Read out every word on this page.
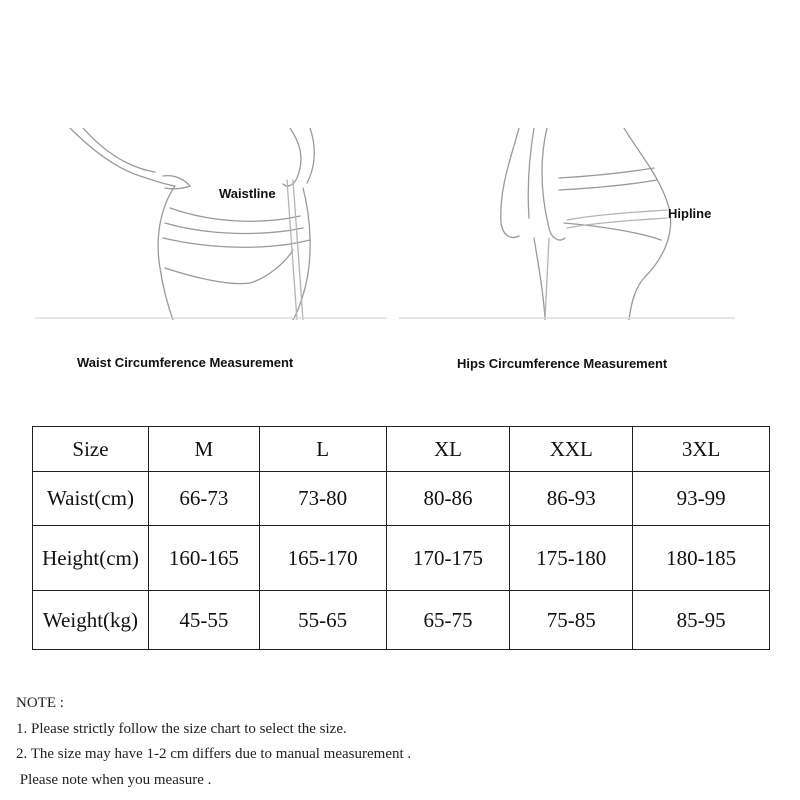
Waistline
Hipline
Waist Circumference Measurement	Hips Circumference Measurement
Size	M	L	XL	XXL	3XL
Waist(cm)	66-73	73-80	80-86	86-93	93-99
Height(cm)	160-165	165-170	170-175	175-180	180-185
Weight(kg)	45-55	55-65	65-75	75-85	85-95
NOTE :
1. Please strictly follow the size chart to select the size.
2. The size may have 1-2 cm differs due to manual measurement .
Please note when you measure .
